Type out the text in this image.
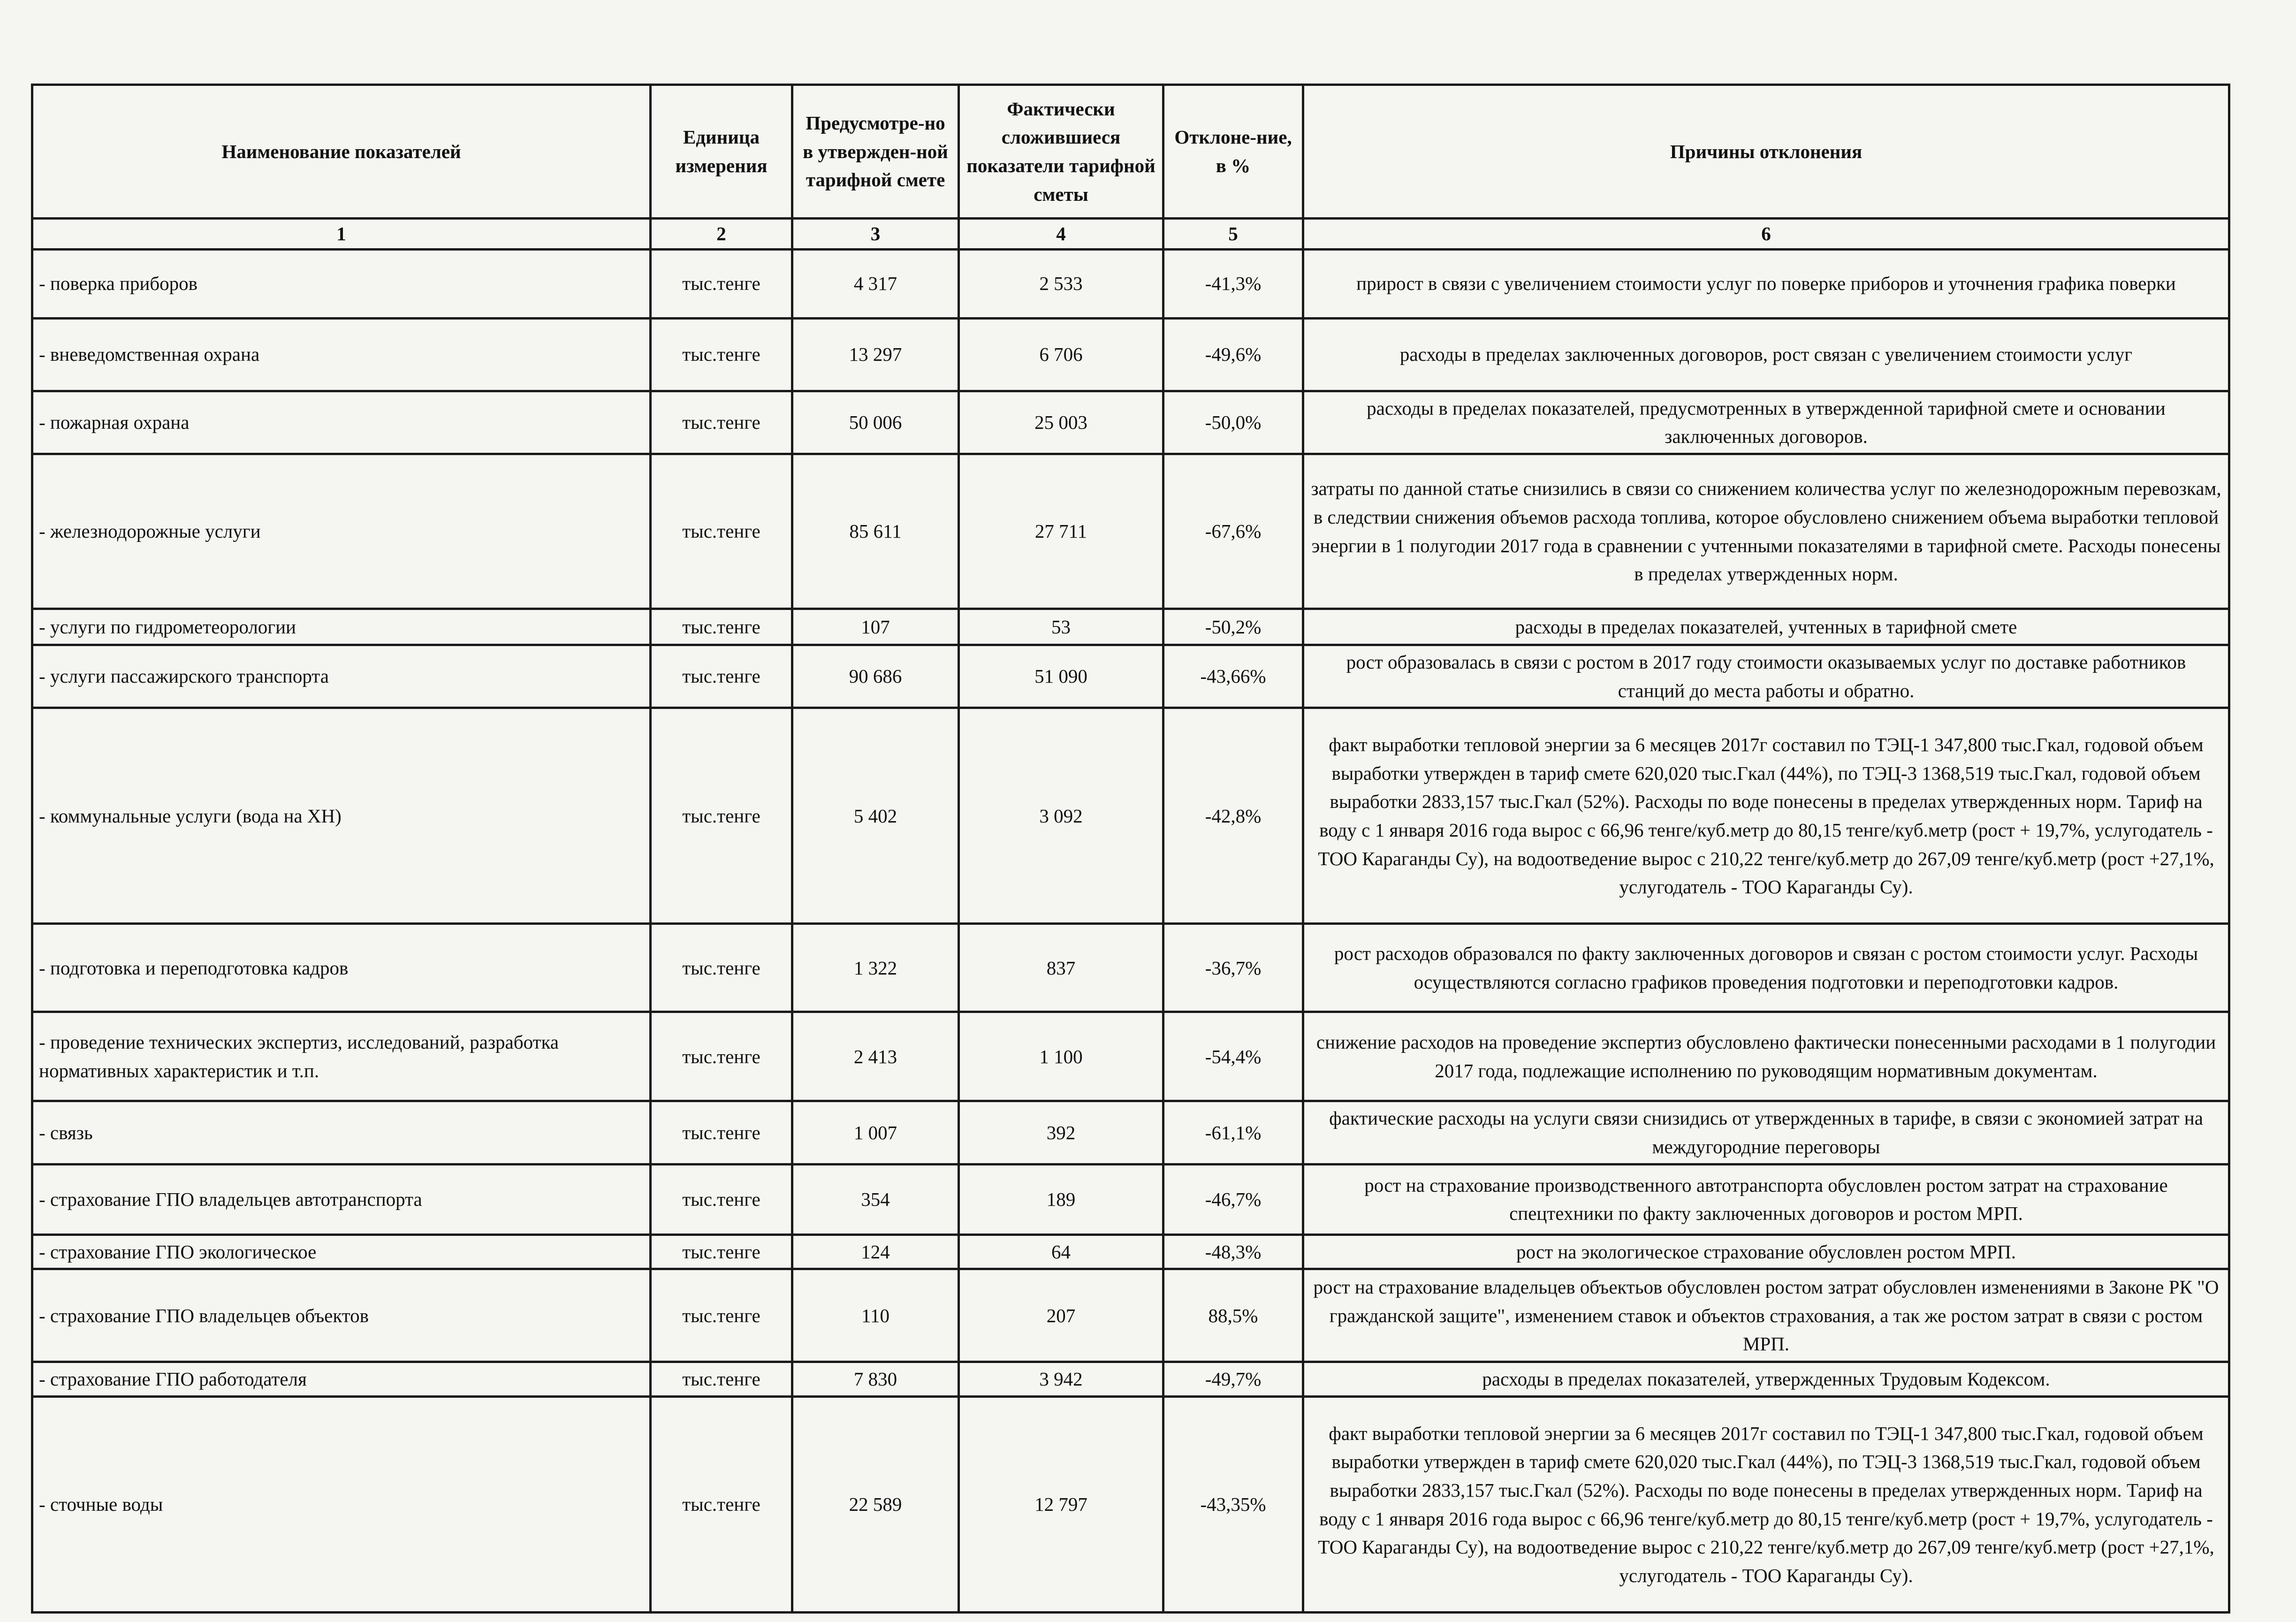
Наименование показателей	Единица измерения	Предусмотре-но в утвержден-ной тарифной смете	Фактически сложившиеся показатели тарифной сметы	Отклоне-ние, в %	Причины отклонения
1	2	3	4	5	6
- поверка приборов	тыс.тенге	4 317	2 533	-41,3%	прирост в связи с увеличением стоимости услуг по поверке приборов и уточнения графика поверки
- вневедомственная охрана	тыс.тенге	13 297	6 706	-49,6%	расходы в пределах заключенных договоров, рост связан с увеличением стоимости услуг
- пожарная охрана	тыс.тенге	50 006	25 003	-50,0%	расходы в пределах показателей, предусмотренных в утвержденной тарифной смете и основании заключенных договоров.
- железнодорожные услуги	тыс.тенге	85 611	27 711	-67,6%	затраты по данной статье снизились в связи со снижением количества услуг по железнодорожным перевозкам, в следствии снижения объемов расхода топлива, которое обусловлено снижением объема выработки тепловой энергии в 1 полугодии 2017 года в сравнении с учтенными показателями в тарифной смете. Расходы понесены в пределах утвержденных норм.
- услуги по гидрометеорологии	тыс.тенге	107	53	-50,2%	расходы в пределах показателей, учтенных в тарифной смете
- услуги пассажирского транспорта	тыс.тенге	90 686	51 090	-43,66%	рост образовалась в связи с ростом в 2017 году стоимости оказываемых услуг по доставке работников станций до места работы и обратно.
- коммунальные услуги (вода на ХН)	тыс.тенге	5 402	3 092	-42,8%	факт выработки тепловой энергии за 6 месяцев 2017г составил по ТЭЦ-1 347,800 тыс.Гкал, годовой объем выработки утвержден в тариф смете 620,020 тыс.Гкал (44%), по ТЭЦ-3 1368,519 тыс.Гкал, годовой объем выработки 2833,157 тыс.Гкал (52%). Расходы по воде понесены в пределах утвержденных норм. Тариф на воду с 1 января 2016 года вырос с 66,96 тенге/куб.метр до 80,15 тенге/куб.метр (рост + 19,7%, услугодатель - ТОО Караганды Су), на водоотведение вырос с 210,22 тенге/куб.метр до 267,09 тенге/куб.метр (рост +27,1%, услугодатель - ТОО Караганды Су).
- подготовка и переподготовка кадров	тыс.тенге	1 322	837	-36,7%	рост расходов образовался по факту заключенных договоров и связан с ростом стоимости услуг. Расходы осуществляются согласно графиков проведения подготовки и переподготовки кадров.
- проведение технических экспертиз, исследований, разработка нормативных характеристик и т.п.	тыс.тенге	2 413	1 100	-54,4%	снижение расходов на проведение экспертиз обусловлено фактически понесенными расходами в 1 полугодии 2017 года, подлежащие исполнению по руководящим нормативным документам.
- связь	тыс.тенге	1 007	392	-61,1%	фактические расходы на услуги связи снизидись от утвержденных в тарифе, в связи с экономией затрат на междугородние переговоры
- страхование ГПО владельцев автотранспорта	тыс.тенге	354	189	-46,7%	рост на страхование производственного автотранспорта обусловлен ростом затрат на страхование спецтехники по факту заключенных договоров и ростом МРП.
- страхование ГПО экологическое	тыс.тенге	124	64	-48,3%	рост на экологическое страхование обусловлен ростом МРП.
- страхование ГПО владельцев объектов	тыс.тенге	110	207	88,5%	рост на страхование владельцев объектьов обусловлен ростом затрат обусловлен изменениями в Законе РК "О гражданской защите", изменением ставок и объектов страхования, а так же ростом затрат в связи с ростом МРП.
- страхование ГПО работодателя	тыс.тенге	7 830	3 942	-49,7%	расходы в пределах показателей, утвержденных Трудовым Кодексом.
- сточные воды	тыс.тенге	22 589	12 797	-43,35%	факт выработки тепловой энергии за 6 месяцев 2017г составил по ТЭЦ-1 347,800 тыс.Гкал, годовой объем выработки утвержден в тариф смете 620,020 тыс.Гкал (44%), по ТЭЦ-3 1368,519 тыс.Гкал, годовой объем выработки 2833,157 тыс.Гкал (52%). Расходы по воде понесены в пределах утвержденных норм. Тариф на воду с 1 января 2016 года вырос с 66,96 тенге/куб.метр до 80,15 тенге/куб.метр (рост + 19,7%, услугодатель - ТОО Караганды Су), на водоотведение вырос с 210,22 тенге/куб.метр до 267,09 тенге/куб.метр (рост +27,1%, услугодатель - ТОО Караганды Су).
